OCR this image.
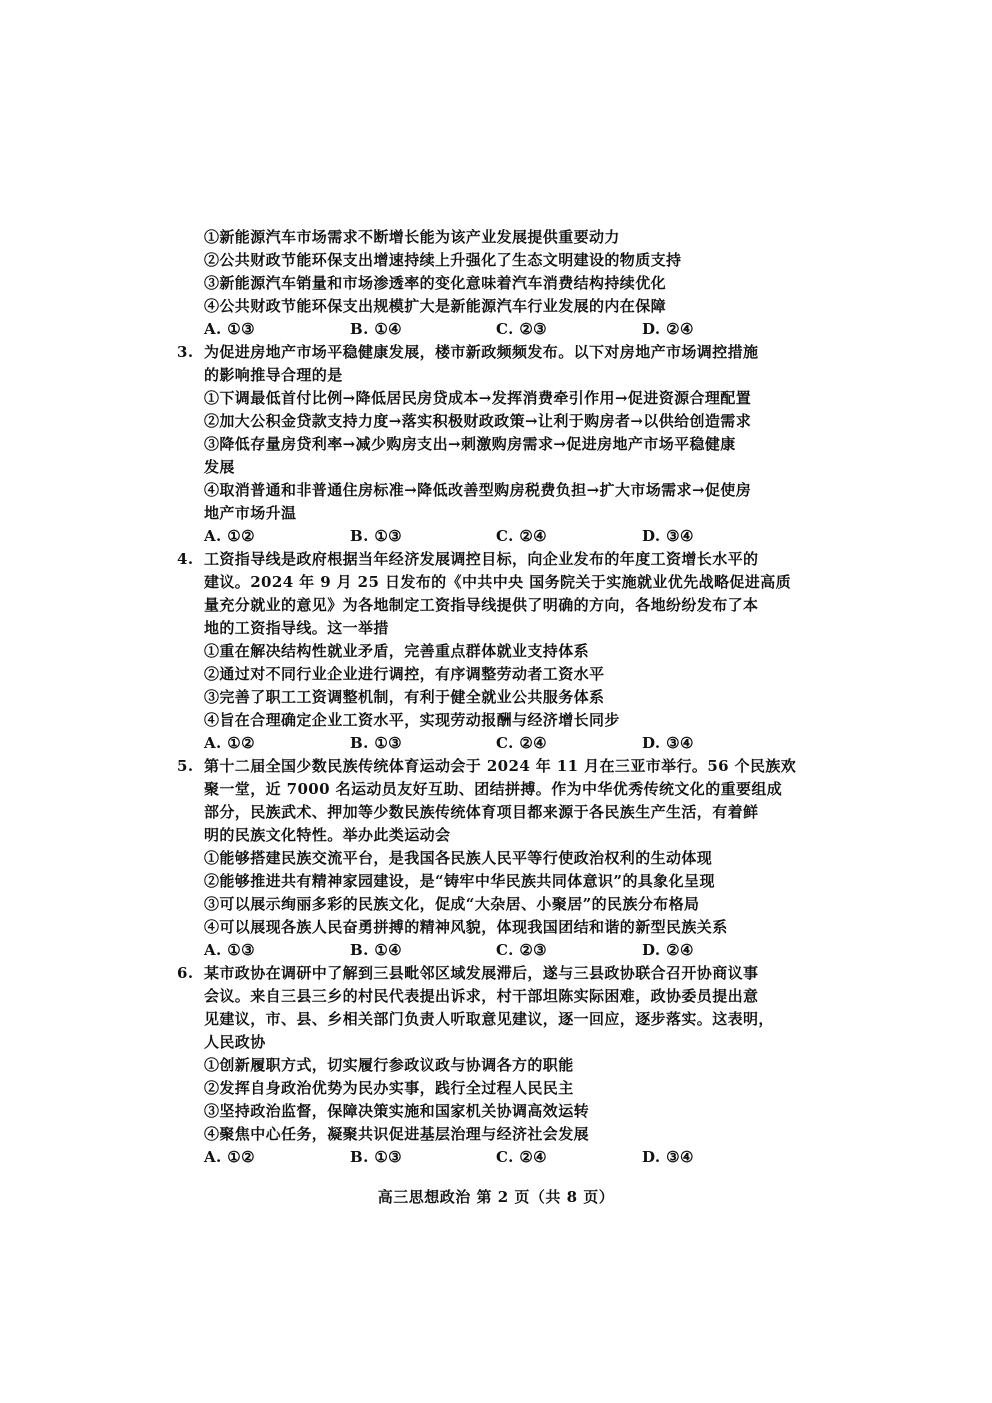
①新能源汽车市场需求不断增长能为该产业发展提供重要动力
②公共财政节能环保支出增速持续上升强化了生态文明建设的物质支持
③新能源汽车销量和市场渗透率的变化意味着汽车消费结构持续优化
④公共财政节能环保支出规模扩大是新能源汽车行业发展的内在保障
A. ①③	B. ①④	C. ②③	D. ②④
3. 为促进房地产市场平稳健康发展，楼市新政频频发布。以下对房地产市场调控措施
的影响推导合理的是
①下调最低首付比例→降低居民房贷成本→发挥消费牵引作用→促进资源合理配置
②加大公积金贷款支持力度→落实积极财政政策→让利于购房者→以供给创造需求
③降低存量房贷利率→减少购房支出→刺激购房需求→促进房地产市场平稳健康
发展
④取消普通和非普通住房标准→降低改善型购房税费负担→扩大市场需求→促使房
地产市场升温
A. ①②	B. ①③	C. ②④	D. ③④
4. 工资指导线是政府根据当年经济发展调控目标，向企业发布的年度工资增长水平的
建议。2024 年 9 月 25 日发布的《中共中央 国务院关于实施就业优先战略促进高质
量充分就业的意见》为各地制定工资指导线提供了明确的方向，各地纷纷发布了本
地的工资指导线。这一举措
①重在解决结构性就业矛盾，完善重点群体就业支持体系
②通过对不同行业企业进行调控，有序调整劳动者工资水平
③完善了职工工资调整机制，有利于健全就业公共服务体系
④旨在合理确定企业工资水平，实现劳动报酬与经济增长同步
A. ①②	B. ①③	C. ②④	D. ③④
5. 第十二届全国少数民族传统体育运动会于 2024 年 11 月在三亚市举行。56 个民族欢
聚一堂，近 7000 名运动员友好互助、团结拼搏。作为中华优秀传统文化的重要组成
部分，民族武术、押加等少数民族传统体育项目都来源于各民族生产生活，有着鲜
明的民族文化特性。举办此类运动会
①能够搭建民族交流平台，是我国各民族人民平等行使政治权利的生动体现
②能够推进共有精神家园建设，是“铸牢中华民族共同体意识”的具象化呈现
③可以展示绚丽多彩的民族文化，促成“大杂居、小聚居”的民族分布格局
④可以展现各族人民奋勇拼搏的精神风貌，体现我国团结和谐的新型民族关系
A. ①③	B. ①④	C. ②③	D. ②④
6. 某市政协在调研中了解到三县毗邻区域发展滞后，遂与三县政协联合召开协商议事
会议。来自三县三乡的村民代表提出诉求，村干部坦陈实际困难，政协委员提出意
见建议，市、县、乡相关部门负责人听取意见建议，逐一回应，逐步落实。这表明，
人民政协
①创新履职方式，切实履行参政议政与协调各方的职能
②发挥自身政治优势为民办实事，践行全过程人民民主
③坚持政治监督，保障决策实施和国家机关协调高效运转
④聚焦中心任务，凝聚共识促进基层治理与经济社会发展
A. ①②	B. ①③	C. ②④	D. ③④
高三思想政治 第 2 页（共 8 页）
